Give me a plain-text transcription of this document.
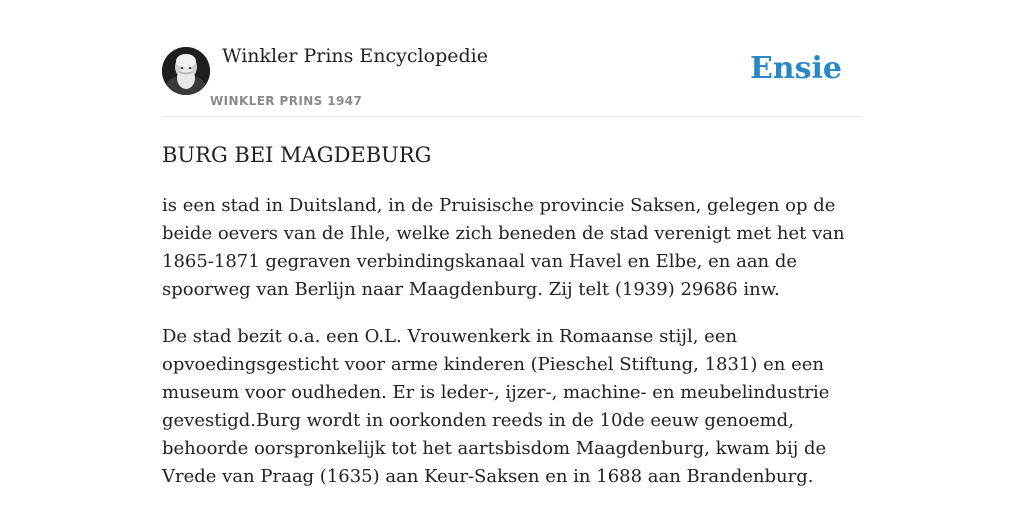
Winkler Prins Encyclopedie
WINKLER PRINS 1947
Ensie
BURG BEI MAGDEBURG

is een stad in Duitsland, in de Pruisische provincie Saksen, gelegen op de beide oevers van de Ihle, welke zich beneden de stad verenigt met het van 1865-1871 gegraven verbindingskanaal van Havel en Elbe, en aan de spoorweg van Berlijn naar Maagdenburg. Zij telt (1939) 29686 inw.

De stad bezit o.a. een O.L. Vrouwenkerk in Romaanse stijl, een opvoedingsgesticht voor arme kinderen (Pieschel Stiftung, 1831) en een museum voor oudheden. Er is leder-, ijzer-, machine- en meubelindustrie gevestigd.Burg wordt in oorkonden reeds in de 10de eeuw genoemd, behoorde oorspronkelijk tot het aartsbisdom Maagdenburg, kwam bij de Vrede van Praag (1635) aan Keur-Saksen en in 1688 aan Brandenburg.
